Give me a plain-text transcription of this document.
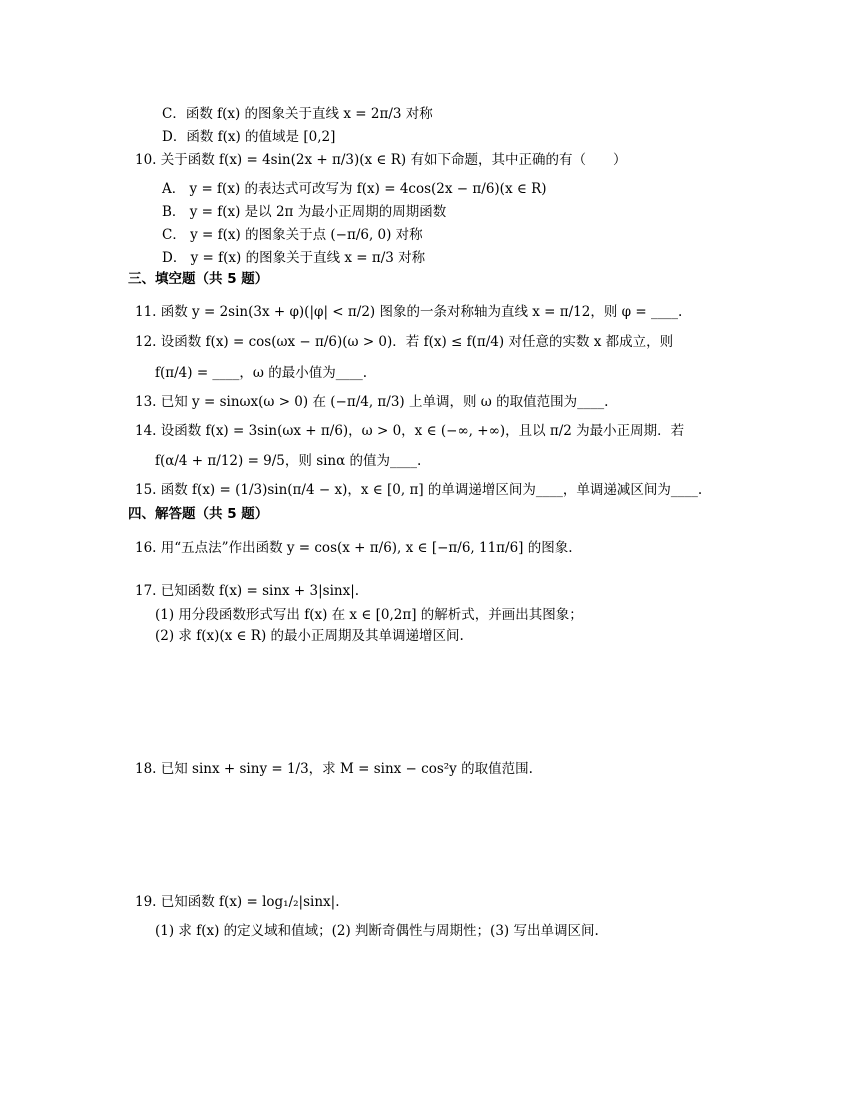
C．函数 f(x) 的图象关于直线 x = 2π/3 对称
D．函数 f(x) 的值域是 [0,2]
10. 关于函数 f(x) = 4sin(2x + π/3)(x ∈ R) 有如下命题，其中正确的有（　　）
A． y = f(x) 的表达式可改写为 f(x) = 4cos(2x − π/6)(x ∈ R)
B． y = f(x) 是以 2π 为最小正周期的周期函数
C． y = f(x) 的图象关于点 (−π/6, 0) 对称
D． y = f(x) 的图象关于直线 x = π/3 对称
三、填空题（共 5 题）
11. 函数 y = 2sin(3x + φ)(|φ| < π/2) 图象的一条对称轴为直线 x = π/12，则 φ = ____.
12. 设函数 f(x) = cos(ωx − π/6)(ω > 0)．若 f(x) ≤ f(π/4) 对任意的实数 x 都成立，则
f(π/4) = ____，ω 的最小值为____.
13. 已知 y = sinωx(ω > 0) 在 (−π/4, π/3) 上单调，则 ω 的取值范围为____.
14. 设函数 f(x) = 3sin(ωx + π/6)，ω > 0，x ∈ (−∞, +∞)，且以 π/2 为最小正周期．若
f(α/4 + π/12) = 9/5，则 sinα 的值为____.
15. 函数 f(x) = (1/3)sin(π/4 − x)，x ∈ [0, π] 的单调递增区间为____，单调递减区间为____.
四、解答题（共 5 题）
16. 用“五点法”作出函数 y = cos(x + π/6), x ∈ [−π/6, 11π/6] 的图象.
17. 已知函数 f(x) = sinx + 3|sinx|.
(1) 用分段函数形式写出 f(x) 在 x ∈ [0,2π] 的解析式，并画出其图象；
(2) 求 f(x)(x ∈ R) 的最小正周期及其单调递增区间.
18. 已知 sinx + siny = 1/3，求 M = sinx − cos²y 的取值范围.
19. 已知函数 f(x) = log₁/₂|sinx|.
(1) 求 f(x) 的定义域和值域；(2) 判断奇偶性与周期性；(3) 写出单调区间.
